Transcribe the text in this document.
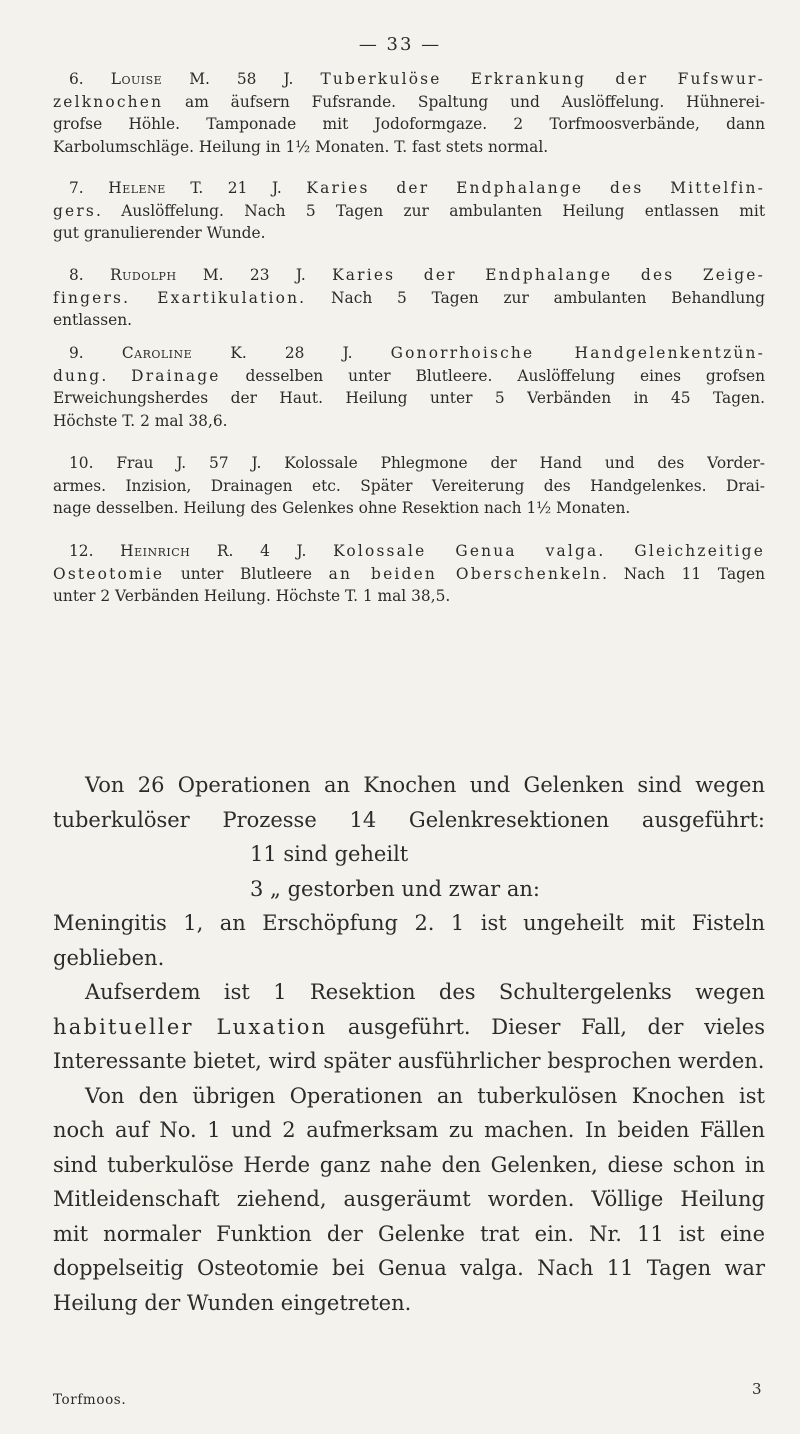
— 33 —
6. Louise M. 58 J. Tuberkulöse Erkrankung der Fufswur-
zelknochen am äufsern Fufsrande. Spaltung und Auslöffelung. Hühnerei-
grofse Höhle. Tamponade mit Jodoformgaze. 2 Torfmoosverbände, dann
Karbolumschläge. Heilung in 1½ Monaten. T. fast stets normal.
7. Helene T. 21 J. Karies der Endphalange des Mittelfin-
gers. Auslöffelung. Nach 5 Tagen zur ambulanten Heilung entlassen mit
gut granulierender Wunde.
8. Rudolph M. 23 J. Karies der Endphalange des Zeige-
fingers. Exartikulation. Nach 5 Tagen zur ambulanten Behandlung
entlassen.
9. Caroline K. 28 J. Gonorrhoische Handgelenkentzün-
dung. Drainage desselben unter Blutleere. Auslöffelung eines grofsen
Erweichungsherdes der Haut. Heilung unter 5 Verbänden in 45 Tagen.
Höchste T. 2 mal 38,6.
10. Frau J. 57 J. Kolossale Phlegmone der Hand und des Vorder-
armes. Inzision, Drainagen etc. Später Vereiterung des Handgelenkes. Drai-
nage desselben. Heilung des Gelenkes ohne Resektion nach 1½ Monaten.
12. Heinrich R. 4 J. Kolossale Genua valga. Gleichzeitige
Osteotomie unter Blutleere an beiden Oberschenkeln. Nach 11 Tagen
unter 2 Verbänden Heilung. Höchste T. 1 mal 38,5.
Von 26 Operationen an Knochen und Gelenken sind wegen
tuberkulöser Prozesse 14 Gelenkresektionen ausgeführt:
11 sind geheilt
3 „ gestorben und zwar an:
Meningitis 1, an Erschöpfung 2. 1 ist ungeheilt mit Fisteln
geblieben.
Aufserdem ist 1 Resektion des Schultergelenks wegen
habitueller Luxation ausgeführt. Dieser Fall, der vieles
Interessante bietet, wird später ausführlicher besprochen werden.
Von den übrigen Operationen an tuberkulösen Knochen ist
noch auf No. 1 und 2 aufmerksam zu machen. In beiden Fällen
sind tuberkulöse Herde ganz nahe den Gelenken, diese schon in
Mitleidenschaft ziehend, ausgeräumt worden. Völlige Heilung
mit normaler Funktion der Gelenke trat ein. Nr. 11 ist eine
doppelseitig Osteotomie bei Genua valga. Nach 11 Tagen war
Heilung der Wunden eingetreten.
Torfmoos.
3
